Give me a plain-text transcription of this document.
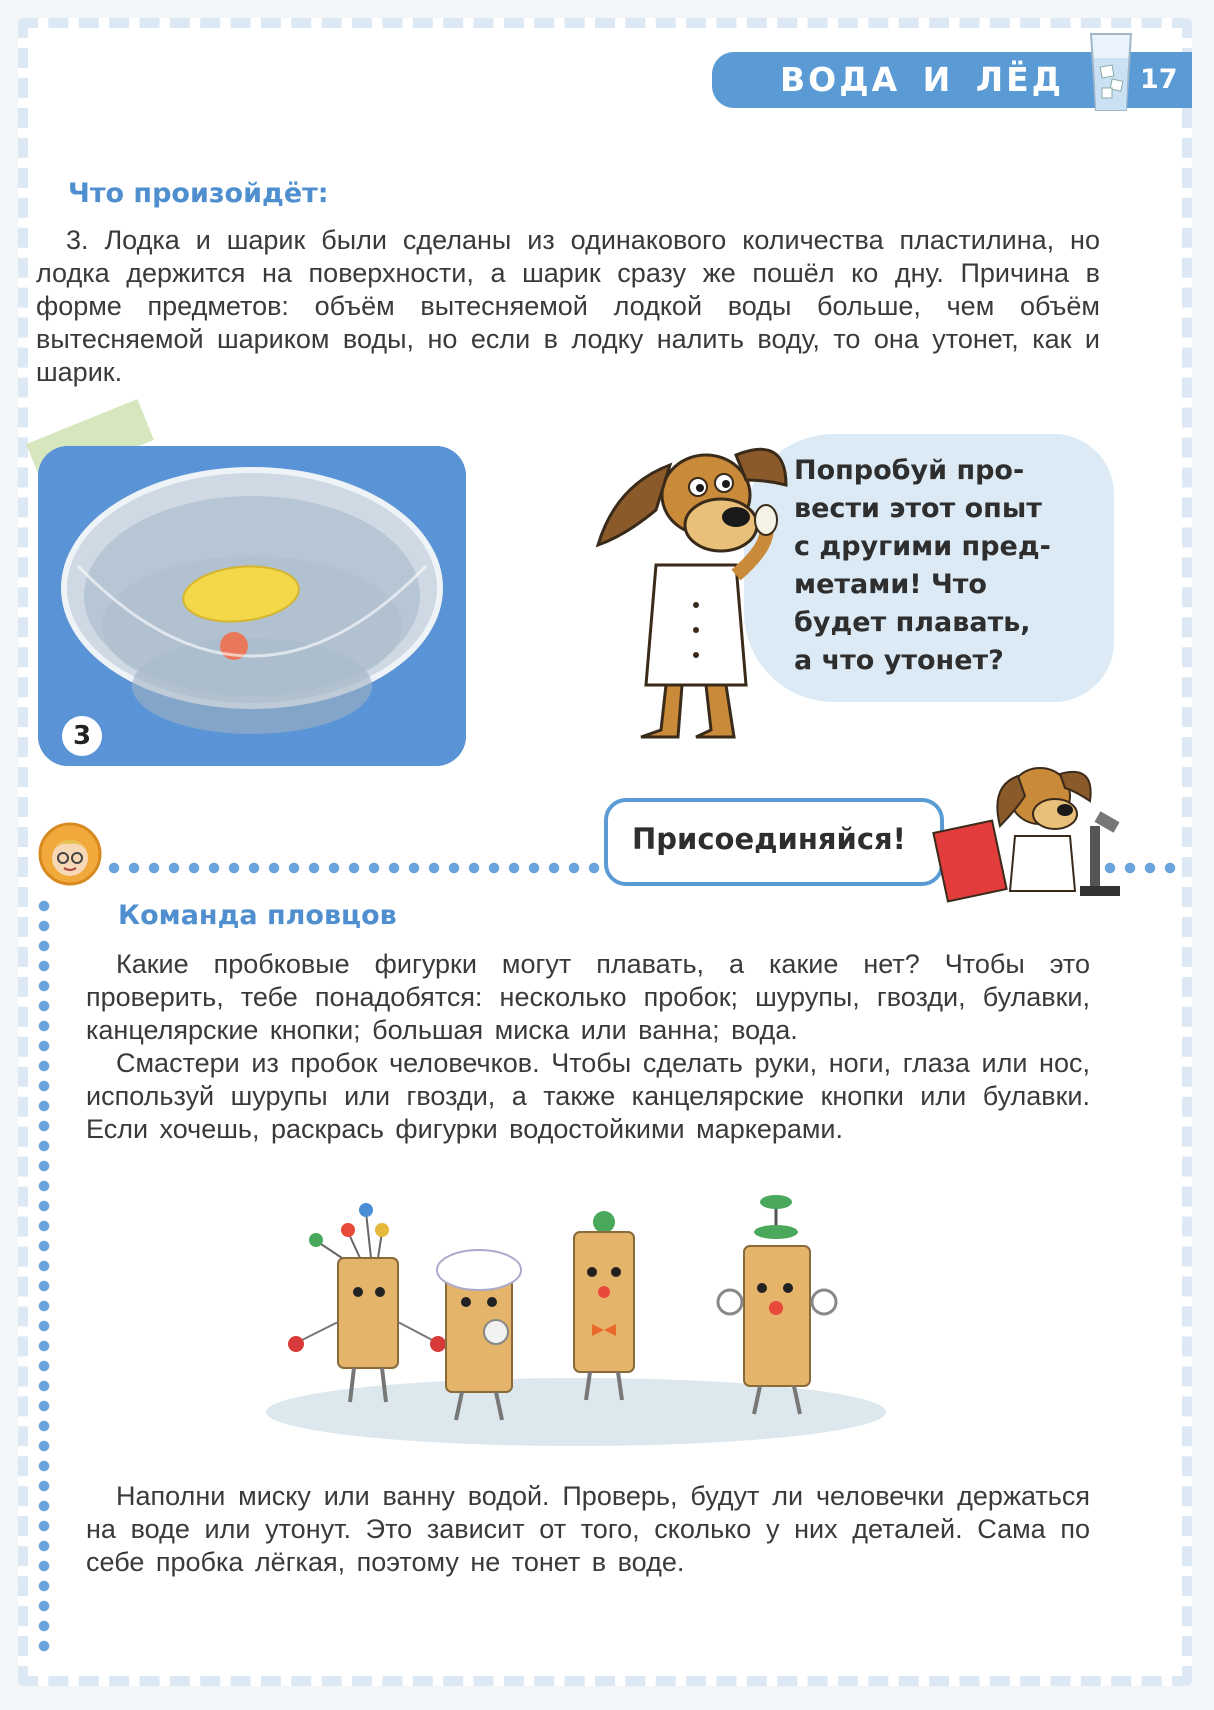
ВОДА И ЛЁД	17
Что произойдёт:

3. Лодка и шарик были сделаны из одинакового количества пластилина, но лодка держится на поверхности, а шарик сразу же пошёл ко дну. Причина в форме предметов: объём вытесняемой лодкой воды больше, чем объём вытесняемой шариком воды, но если в лодку налить воду, то она утонет, как и шарик.

3
Попробуй про-
вести этот опыт
с другими пред-
метами! Что
будет плавать,
а что утонет?
Присоединяйся!
Команда пловцов

Какие пробковые фигурки могут плавать, а какие нет? Чтобы это проверить, тебе понадобятся: несколько пробок; шурупы, гвозди, булавки, канцелярские кнопки; большая миска или ванна; вода.

Смастери из пробок человечков. Чтобы сделать руки, ноги, глаза или нос, используй шурупы или гвозди, а также канцелярские кнопки или булавки. Если хочешь, раскрась фигурки водостойкими маркерами.

Наполни миску или ванну водой. Проверь, будут ли человечки держаться на воде или утонут. Это зависит от того, сколько у них деталей. Сама по себе пробка лёгкая, поэтому не тонет в воде.
